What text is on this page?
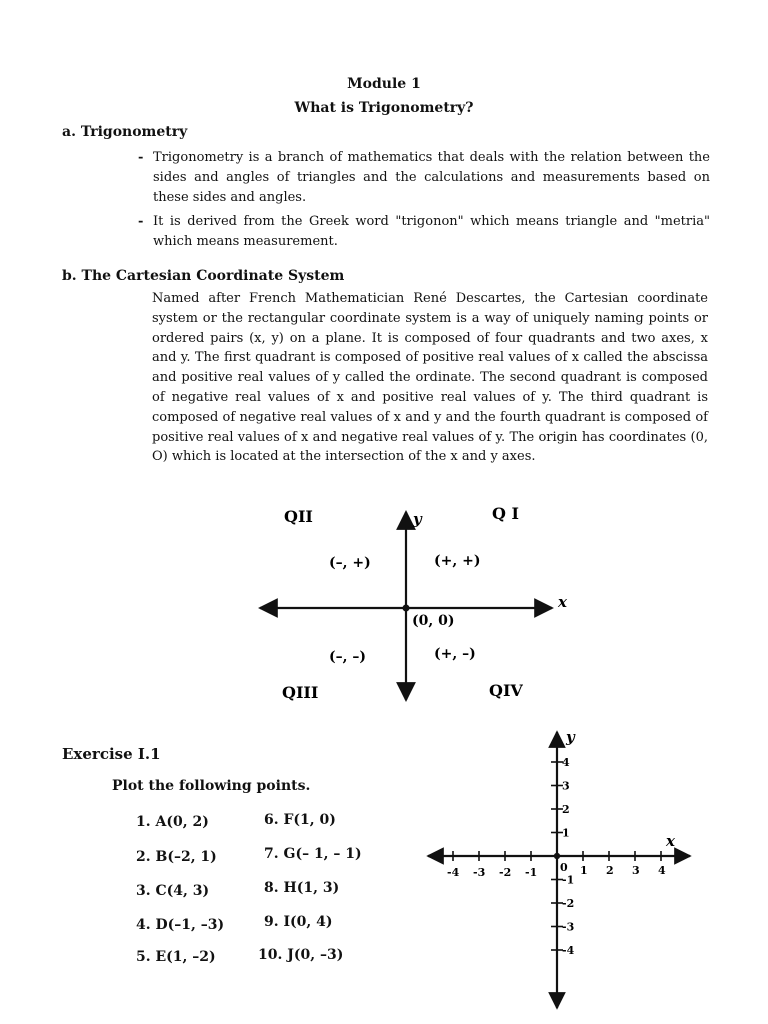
Module 1
What is Trigonometry?
a. Trigonometry
- Trigonometry is a branch of mathematics that deals with the relation between the sides and angles of triangles and the calculations and measurements based on these sides and angles.
- It is derived from the Greek word "trigonon" which means triangle and "metria" which means measurement.
b. The Cartesian Coordinate System
Named after French Mathematician René Descartes, the Cartesian coordinate system or the rectangular coordinate system is a way of uniquely naming points or ordered pairs (x, y) on a plane. It is composed of four quadrants and two axes, x and y. The first quadrant is composed of positive real values of x called the abscissa and positive real values of y called the ordinate. The second quadrant is composed of negative real values of x and positive real values of y. The third quadrant is composed of negative real values of x and y and the fourth quadrant is composed of positive real values of x and negative real values of y. The origin has coordinates (0, O) which is located at the intersection of the x and y axes.
y
x
QII	Q I
QIII	QIV
(–, +)	(+, +)
(–, –)	(+, –)
(0, 0)
Exercise I.1
Plot the following points.
1. A(0, 2)
2. B(–2, 1)
3. C(4, 3)
4. D(–1, –3)
5. E(1, –2)
6. F(1, 0)
7. G(– 1, – 1)
8. H(1, 3)
9. I(0, 4)
10. J(0, –3)
y
x
0
-4 -3 -2 -1	1 2 3 4
1
2
3
4
-1
-2
-3
-4
